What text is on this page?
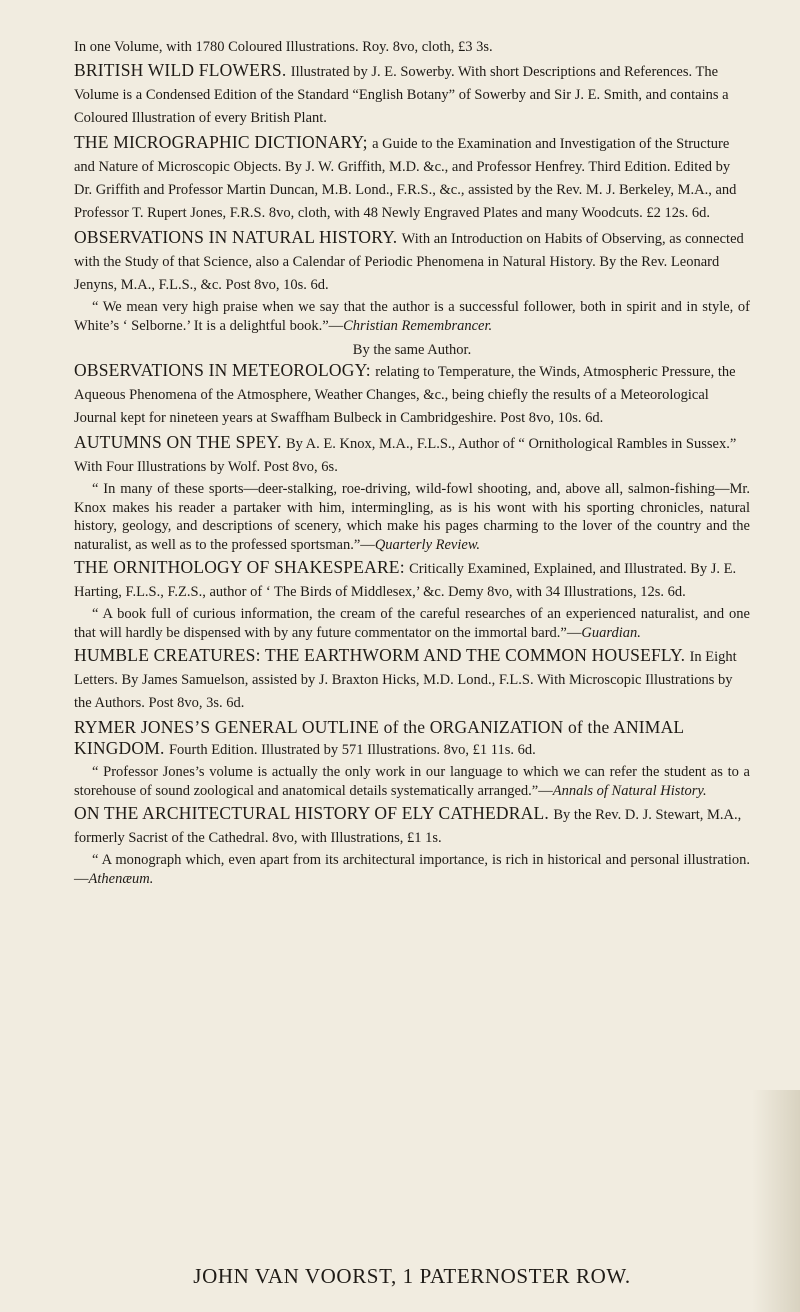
In one Volume, with 1780 Coloured Illustrations. Roy. 8vo, cloth, £3 3s.

BRITISH WILD FLOWERS. Illustrated by J. E. Sowerby. With short Descriptions and References. The Volume is a Condensed Edition of the Standard “English Botany” of Sowerby and Sir J. E. Smith, and contains a Coloured Illustration of every British Plant.

THE MICROGRAPHIC DICTIONARY; a Guide to the Examination and Investigation of the Structure and Nature of Microscopic Objects. By J. W. Griffith, M.D. &c., and Professor Henfrey. Third Edition. Edited by Dr. Griffith and Professor Martin Duncan, M.B. Lond., F.R.S., &c., assisted by the Rev. M. J. Berkeley, M.A., and Professor T. Rupert Jones, F.R.S. 8vo, cloth, with 48 Newly Engraved Plates and many Woodcuts. £2 12s. 6d.

OBSERVATIONS IN NATURAL HISTORY. With an Introduction on Habits of Observing, as connected with the Study of that Science, also a Calendar of Periodic Phenomena in Natural History. By the Rev. Leonard Jenyns, M.A., F.L.S., &c. Post 8vo, 10s. 6d.

“ We mean very high praise when we say that the author is a successful follower, both in spirit and in style, of White’s ‘ Selborne.’ It is a delightful book.”—Christian Remembrancer.

By the same Author.

OBSERVATIONS IN METEOROLOGY: relating to Temperature, the Winds, Atmospheric Pressure, the Aqueous Phenomena of the Atmosphere, Weather Changes, &c., being chiefly the results of a Meteorological Journal kept for nineteen years at Swaffham Bulbeck in Cambridgeshire. Post 8vo, 10s. 6d.

AUTUMNS ON THE SPEY. By A. E. Knox, M.A., F.L.S., Author of “ Ornithological Rambles in Sussex.” With Four Illustrations by Wolf. Post 8vo, 6s.

“ In many of these sports—deer-stalking, roe-driving, wild-fowl shooting, and, above all, salmon-fishing—Mr. Knox makes his reader a partaker with him, intermingling, as is his wont with his sporting chronicles, natural history, geology, and descriptions of scenery, which make his pages charming to the lover of the country and the naturalist, as well as to the professed sportsman.”—Quarterly Review.

THE ORNITHOLOGY OF SHAKESPEARE: Critically Examined, Explained, and Illustrated. By J. E. Harting, F.L.S., F.Z.S., author of ‘ The Birds of Middlesex,’ &c. Demy 8vo, with 34 Illustrations, 12s. 6d.

“ A book full of curious information, the cream of the careful researches of an experienced naturalist, and one that will hardly be dispensed with by any future commentator on the immortal bard.”—Guardian.

HUMBLE CREATURES: THE EARTHWORM AND THE COMMON HOUSEFLY. In Eight Letters. By James Samuelson, assisted by J. Braxton Hicks, M.D. Lond., F.L.S. With Microscopic Illustrations by the Authors. Post 8vo, 3s. 6d.

RYMER JONES’S GENERAL OUTLINE of the ORGANIZATION of the ANIMAL KINGDOM. Fourth Edition. Illustrated by 571 Illustrations. 8vo, £1 11s. 6d.

“ Professor Jones’s volume is actually the only work in our language to which we can refer the student as to a storehouse of sound zoological and anatomical details systematically arranged.”—Annals of Natural History.

ON THE ARCHITECTURAL HISTORY OF ELY CATHEDRAL. By the Rev. D. J. Stewart, M.A., formerly Sacrist of the Cathedral. 8vo, with Illustrations, £1 1s.

“ A monograph which, even apart from its architectural importance, is rich in historical and personal illustration.—Athenæum.

JOHN VAN VOORST, 1 PATERNOSTER ROW.
